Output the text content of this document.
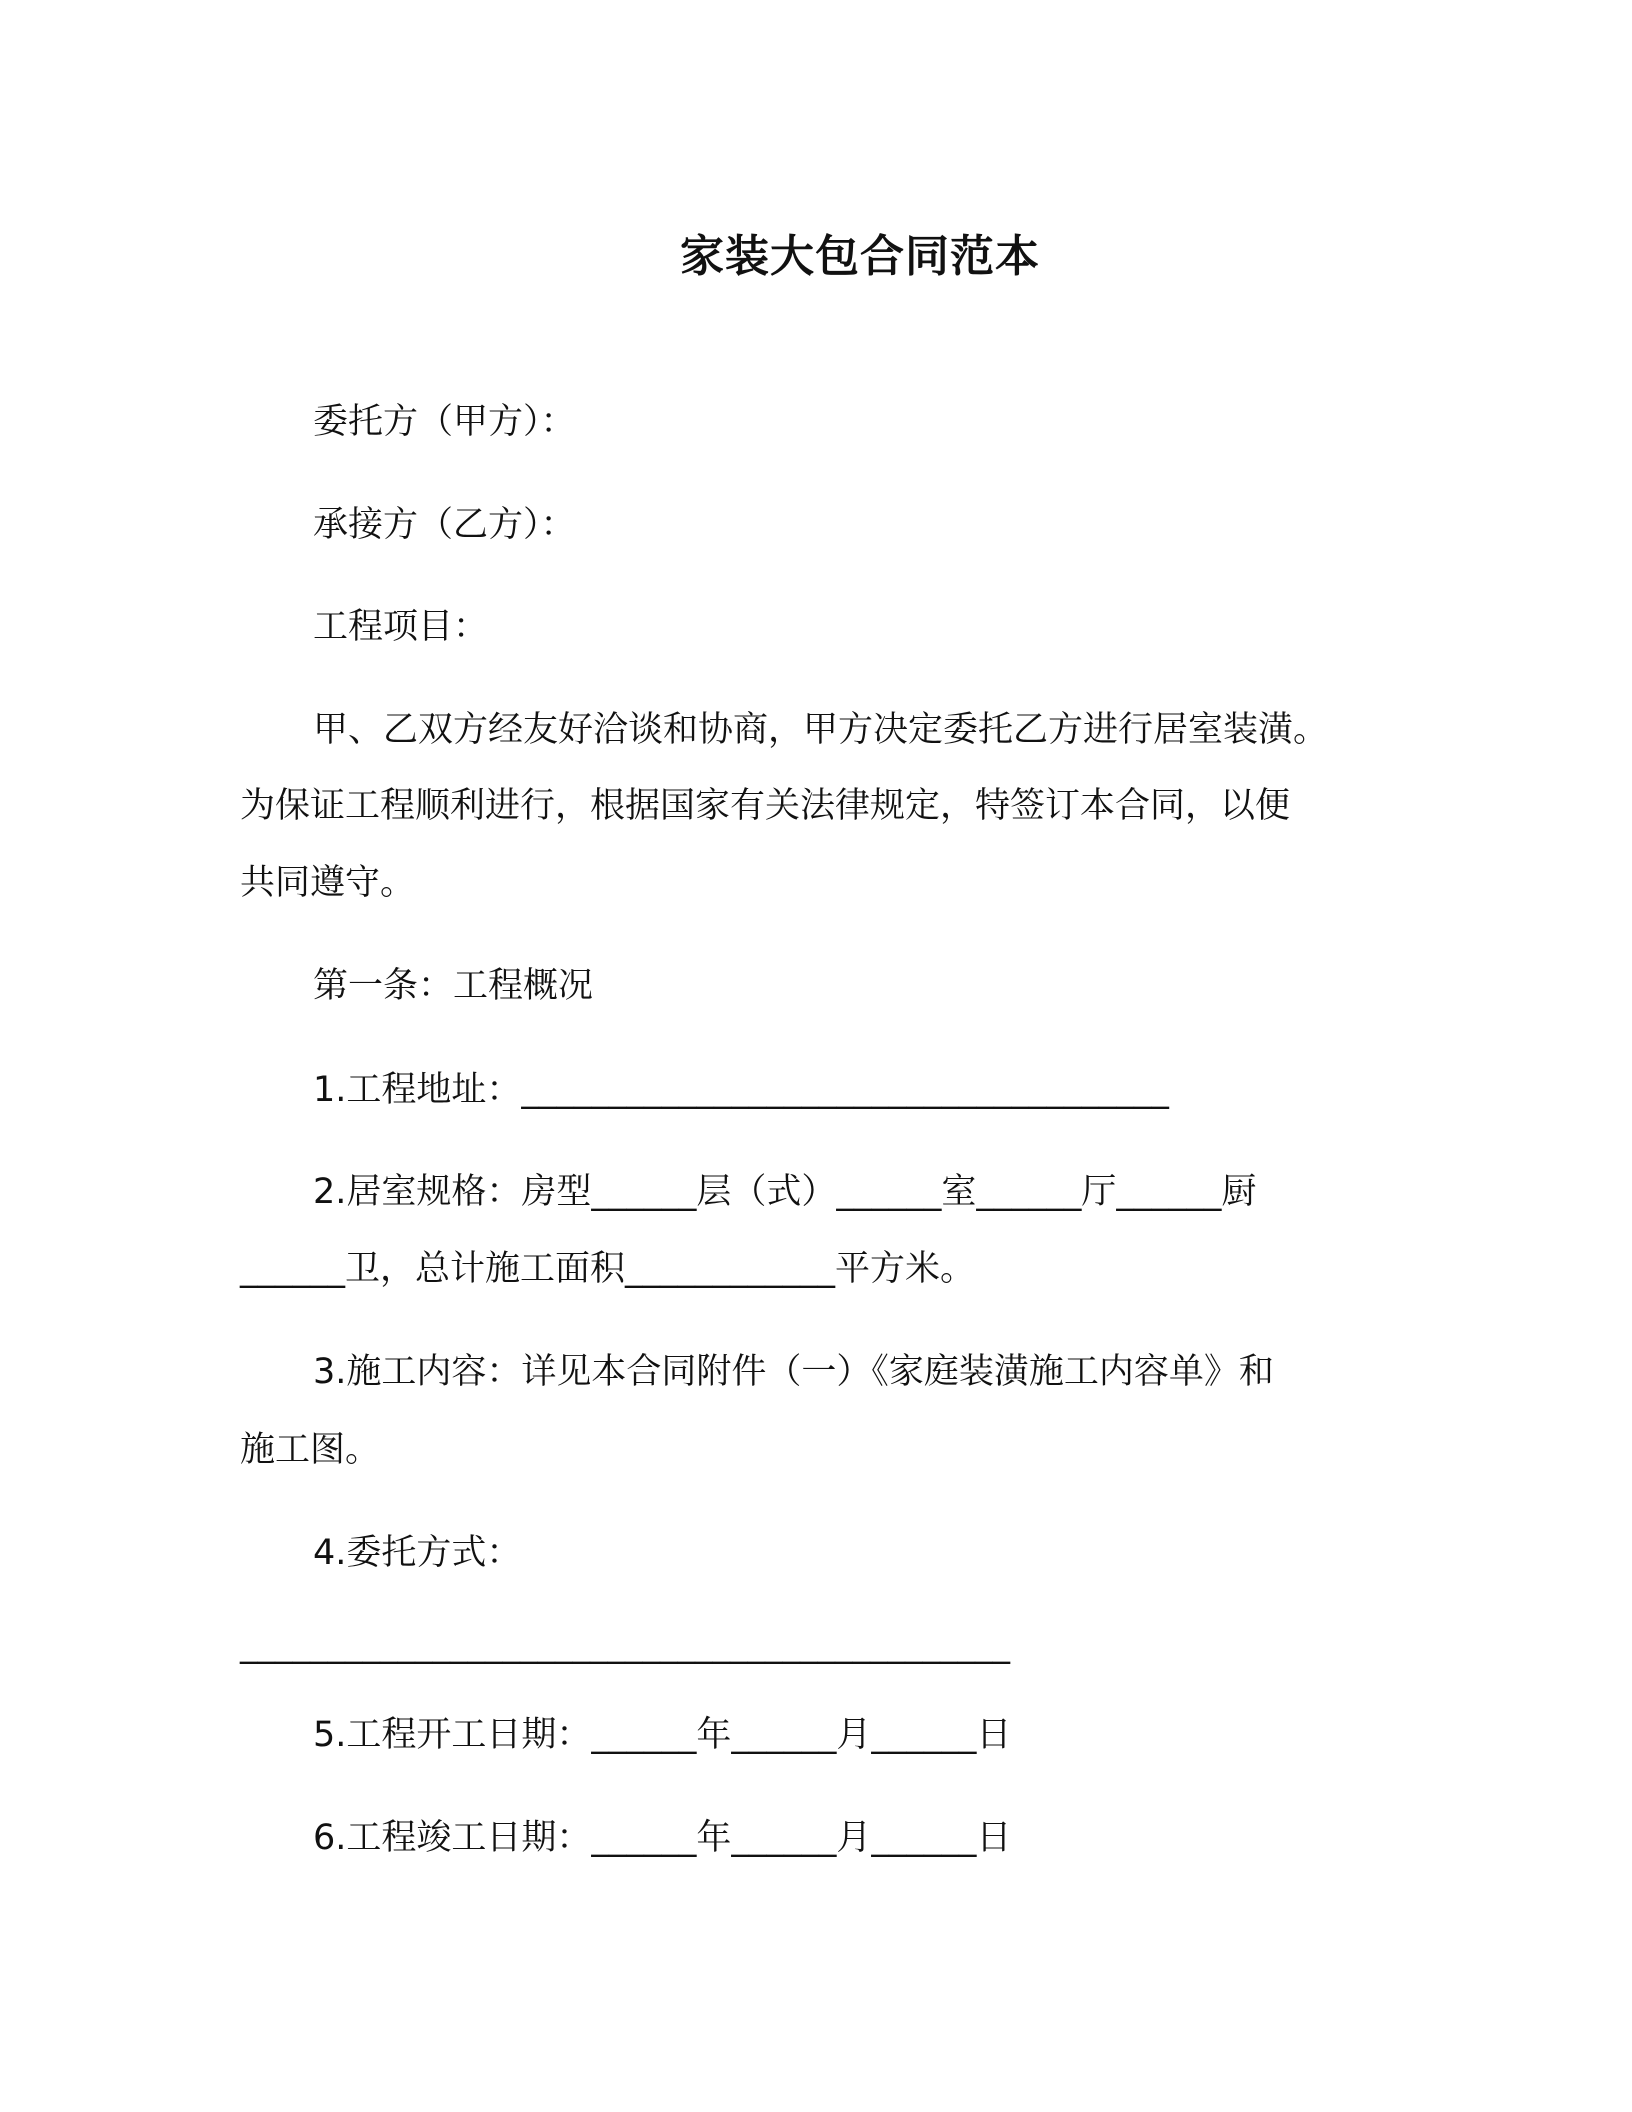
家装大包合同范本
委托方（甲方）：
承接方（乙方）：
工程项目：
甲、乙双方经友好洽谈和协商，甲方决定委托乙方进行居室装潢。
为保证工程顺利进行，根据国家有关法律规定，特签订本合同，以便
共同遵守。
第一条：工程概况
1.工程地址：_____________________________________
2.居室规格：房型______层（式）______室______厅______厨
______卫，总计施工面积____________平方米。
3.施工内容：详见本合同附件（一）《家庭装潢施工内容单》和
施工图。
4.委托方式：
____________________________________________
5.工程开工日期：______年______月______日
6.工程竣工日期：______年______月______日
